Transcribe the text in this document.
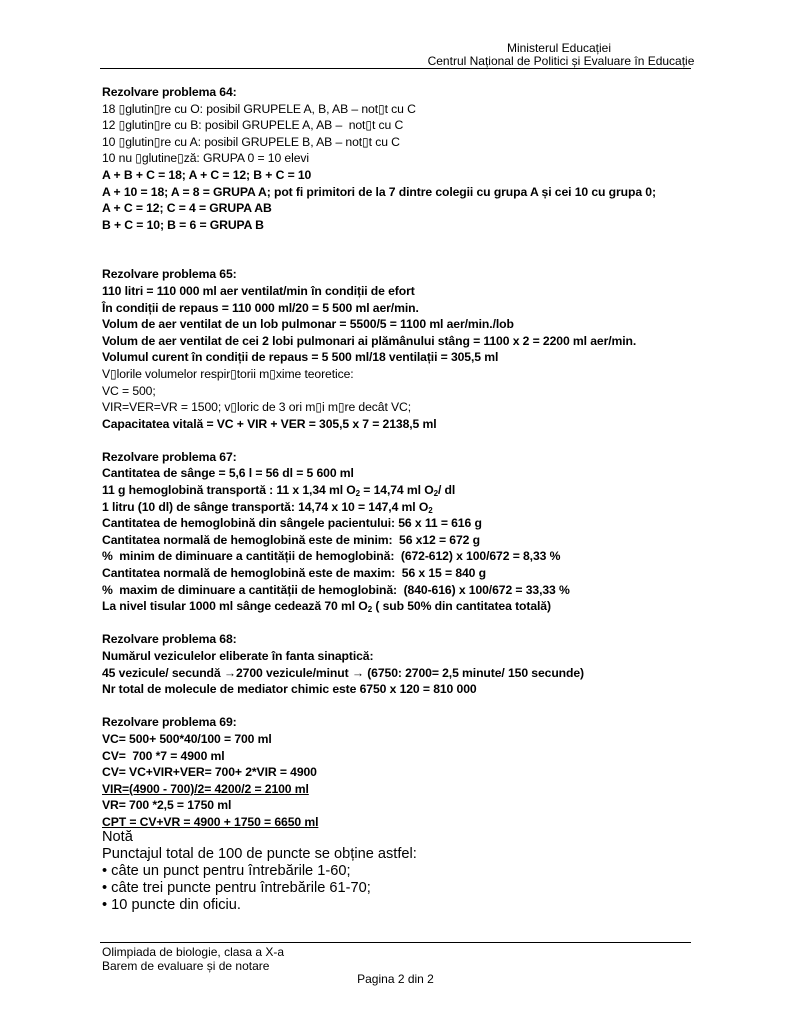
Ministerul Educației
Centrul Național de Politici și Evaluare în Educație
Rezolvare problema 64:
18 ▯glutin▯re cu O: posibil GRUPELE A, B, AB – not▯t cu C
12 ▯glutin▯re cu B: posibil GRUPELE A, AB –  not▯t cu C
10 ▯glutin▯re cu A: posibil GRUPELE B, AB – not▯t cu C
10 nu ▯glutine▯ză: GRUPA 0 = 10 elevi
A + B + C = 18; A + C = 12; B + C = 10
A + 10 = 18; A = 8 = GRUPA A; pot fi primitori de la 7 dintre colegii cu grupa A și cei 10 cu grupa 0;
A + C = 12; C = 4 = GRUPA AB
B + C = 10; B = 6 = GRUPA B
Rezolvare problema 65:
110 litri = 110 000 ml aer ventilat/min în condiții de efort
În condiții de repaus = 110 000 ml/20 = 5 500 ml aer/min.
Volum de aer ventilat de un lob pulmonar = 5500/5 = 1100 ml aer/min./lob
Volum de aer ventilat de cei 2 lobi pulmonari ai plămânului stâng = 1100 x 2 = 2200 ml aer/min.
Volumul curent în condiții de repaus = 5 500 ml/18 ventilații = 305,5 ml
V▯lorile volumelor respir▯torii m▯xime teoretice:
VC = 500;
VIR=VER=VR = 1500; v▯loric de 3 ori m▯i m▯re decât VC;
Capacitatea vitală = VC + VIR + VER = 305,5 x 7 = 2138,5 ml
Rezolvare problema 67:
Cantitatea de sânge = 5,6 l = 56 dl = 5 600 ml
11 g hemoglobină transportă : 11 x 1,34 ml $O_2 = 14,74$ ml $O_2/$ dl
1 litru (10 dl) de sânge transportă: 14,74 x 10 = 147,4 ml $O_2$
Cantitatea de hemoglobină din sângele pacientului: 56 x 11 = 616 g
Cantitatea normală de hemoglobină este de minim:  56 x12 = 672 g
%  minim de diminuare a cantității de hemoglobină:  (672-612) x 100/672 = 8,33 %
Cantitatea normală de hemoglobină este de maxim:  56 x 15 = 840 g
%  maxim de diminuare a cantității de hemoglobină:  (840-616) x 100/672 = 33,33 %
La nivel tisular 1000 ml sânge cedează 70 ml $O_2$ ( sub 50% din cantitatea totală)
Rezolvare problema 68:
Numărul veziculelor eliberate în fanta sinaptică:
45 vezicule/ secundă →2700 vezicule/minut → (6750: 2700= 2,5 minute/ 150 secunde)
Nr total de molecule de mediator chimic este 6750 x 120 = 810 000
Rezolvare problema 69:
VC= 500+ 500*40/100 = 700 ml
CV=  700 *7 = 4900 ml
CV= VC+VIR+VER= 700+ 2*VIR = 4900
VIR=(4900 - 700)/2= 4200/2 = 2100 ml
VR= 700 *2,5 = 1750 ml
CPT = CV+VR = 4900 + 1750 = 6650 ml
Notă
Punctajul total de 100 de puncte se obține astfel:
• câte un punct pentru întrebările 1-60;
• câte trei puncte pentru întrebările 61-70;
• 10 puncte din oficiu.
Olimpiada de biologie, clasa a X-a
Barem de evaluare și de notare
Pagina 2 din 2
